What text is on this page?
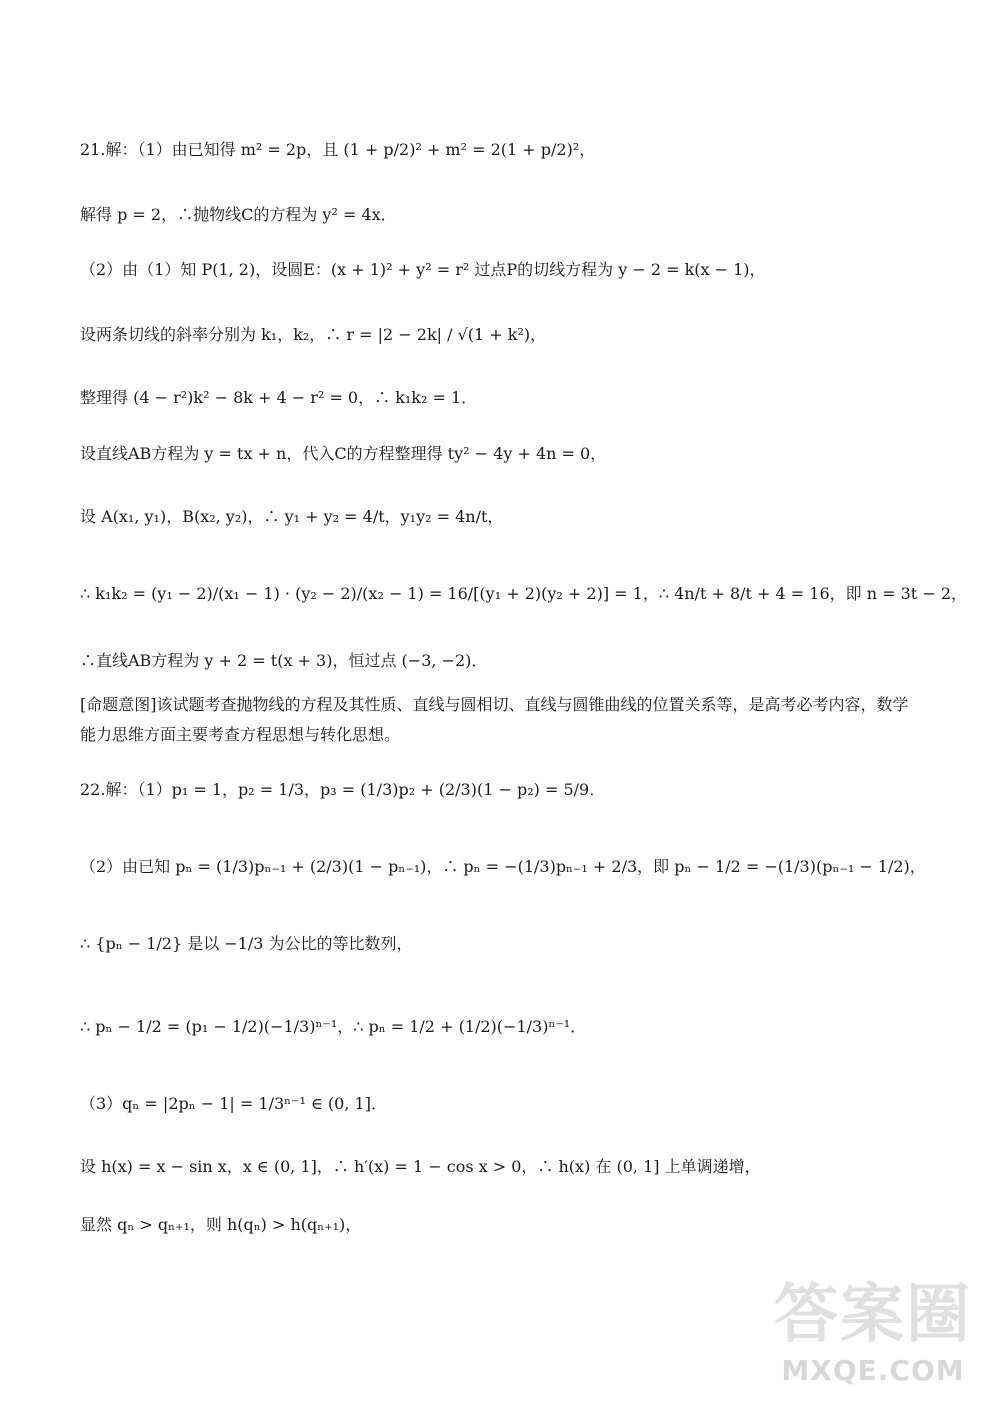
21.解：（1）由已知得 m² = 2p，且 (1 + p/2)² + m² = 2(1 + p/2)²，
解得 p = 2，∴抛物线C的方程为 y² = 4x．
（2）由（1）知 P(1, 2)，设圆E：(x + 1)² + y² = r² 过点P的切线方程为 y − 2 = k(x − 1)，
设两条切线的斜率分别为 k₁，k₂，∴ r = |2 − 2k| / √(1 + k²)，
整理得 (4 − r²)k² − 8k + 4 − r² = 0，∴ k₁k₂ = 1．
设直线AB方程为 y = tx + n，代入C的方程整理得 ty² − 4y + 4n = 0，
设 A(x₁, y₁)，B(x₂, y₂)，∴ y₁ + y₂ = 4/t，y₁y₂ = 4n/t，
∴ k₁k₂ = (y₁ − 2)/(x₁ − 1) · (y₂ − 2)/(x₂ − 1) = 16/[(y₁ + 2)(y₂ + 2)] = 1，∴ 4n/t + 8/t + 4 = 16，即 n = 3t − 2，
∴直线AB方程为 y + 2 = t(x + 3)，恒过点 (−3, −2)．
[命题意图]该试题考查抛物线的方程及其性质、直线与圆相切、直线与圆锥曲线的位置关系等，是高考必考内容，数学能力思维方面主要考查方程思想与转化思想。
22.解：（1）p₁ = 1，p₂ = 1/3，p₃ = (1/3)p₂ + (2/3)(1 − p₂) = 5/9．
（2）由已知 pₙ = (1/3)pₙ₋₁ + (2/3)(1 − pₙ₋₁)，∴ pₙ = −(1/3)pₙ₋₁ + 2/3，即 pₙ − 1/2 = −(1/3)(pₙ₋₁ − 1/2)，
∴ {pₙ − 1/2} 是以 −1/3 为公比的等比数列，
∴ pₙ − 1/2 = (p₁ − 1/2)(−1/3)ⁿ⁻¹，∴ pₙ = 1/2 + (1/2)(−1/3)ⁿ⁻¹．
（3）qₙ = |2pₙ − 1| = 1/3ⁿ⁻¹ ∈ (0, 1]．
设 h(x) = x − sin x，x ∈ (0, 1]，∴ h′(x) = 1 − cos x > 0，∴ h(x) 在 (0, 1] 上单调递增，
显然 qₙ > qₙ₊₁，则 h(qₙ) > h(qₙ₊₁)，
答案圈
MXQE.COM
